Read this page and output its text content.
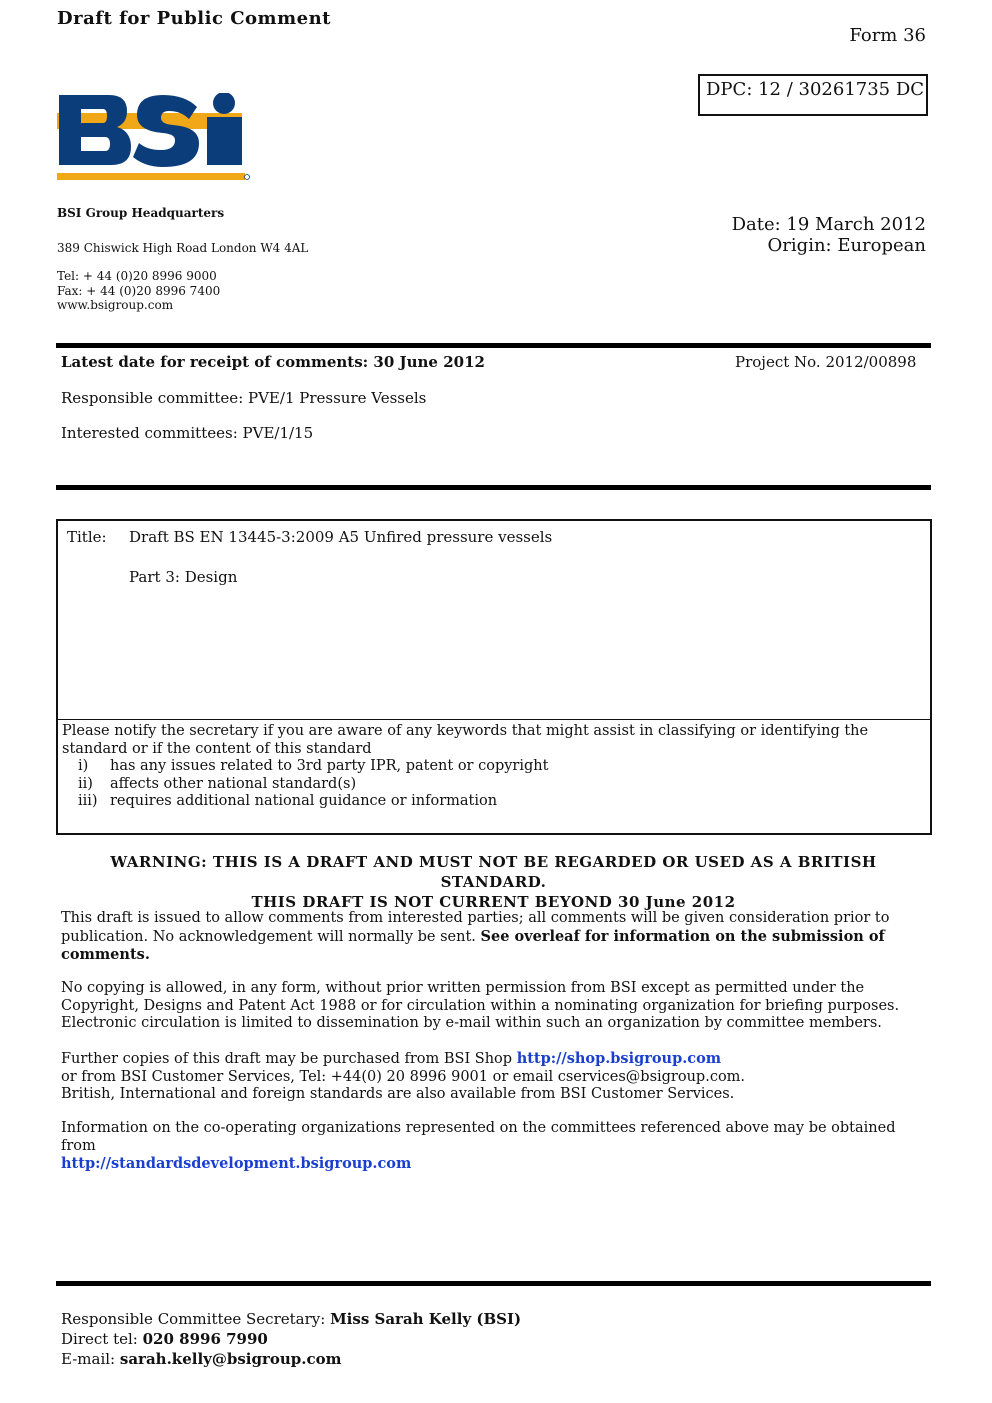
Draft for Public Comment
Form 36
DPC: 12 / 30261735 DC
BSI Group Headquarters
389 Chiswick High Road London W4 4AL
Tel: + 44 (0)20 8996 9000
Fax: + 44 (0)20 8996 7400
www.bsigroup.com
Date: 19 March 2012
Origin: European
Latest date for receipt of comments: 30 June 2012	Project No. 2012/00898
Responsible committee: PVE/1 Pressure Vessels
Interested committees: PVE/1/15
Title: Draft BS EN 13445-3:2009 A5 Unfired pressure vessels
Part 3: Design
Please notify the secretary if you are aware of any keywords that might assist in classifying or identifying the standard or if the content of this standard
i) has any issues related to 3rd party IPR, patent or copyright
ii) affects other national standard(s)
iii) requires additional national guidance or information
WARNING: THIS IS A DRAFT AND MUST NOT BE REGARDED OR USED AS A BRITISH STANDARD.
THIS DRAFT IS NOT CURRENT BEYOND 30 June 2012
This draft is issued to allow comments from interested parties; all comments will be given consideration prior to publication. No acknowledgement will normally be sent. See overleaf for information on the submission of comments.
No copying is allowed, in any form, without prior written permission from BSI except as permitted under the Copyright, Designs and Patent Act 1988 or for circulation within a nominating organization for briefing purposes. Electronic circulation is limited to dissemination by e-mail within such an organization by committee members.
Further copies of this draft may be purchased from BSI Shop http://shop.bsigroup.com
or from BSI Customer Services, Tel: +44(0) 20 8996 9001 or email cservices@bsigroup.com.
British, International and foreign standards are also available from BSI Customer Services.
Information on the co-operating organizations represented on the committees referenced above may be obtained from
http://standardsdevelopment.bsigroup.com
Responsible Committee Secretary: Miss Sarah Kelly (BSI)
Direct tel: 020 8996 7990
E-mail: sarah.kelly@bsigroup.com
